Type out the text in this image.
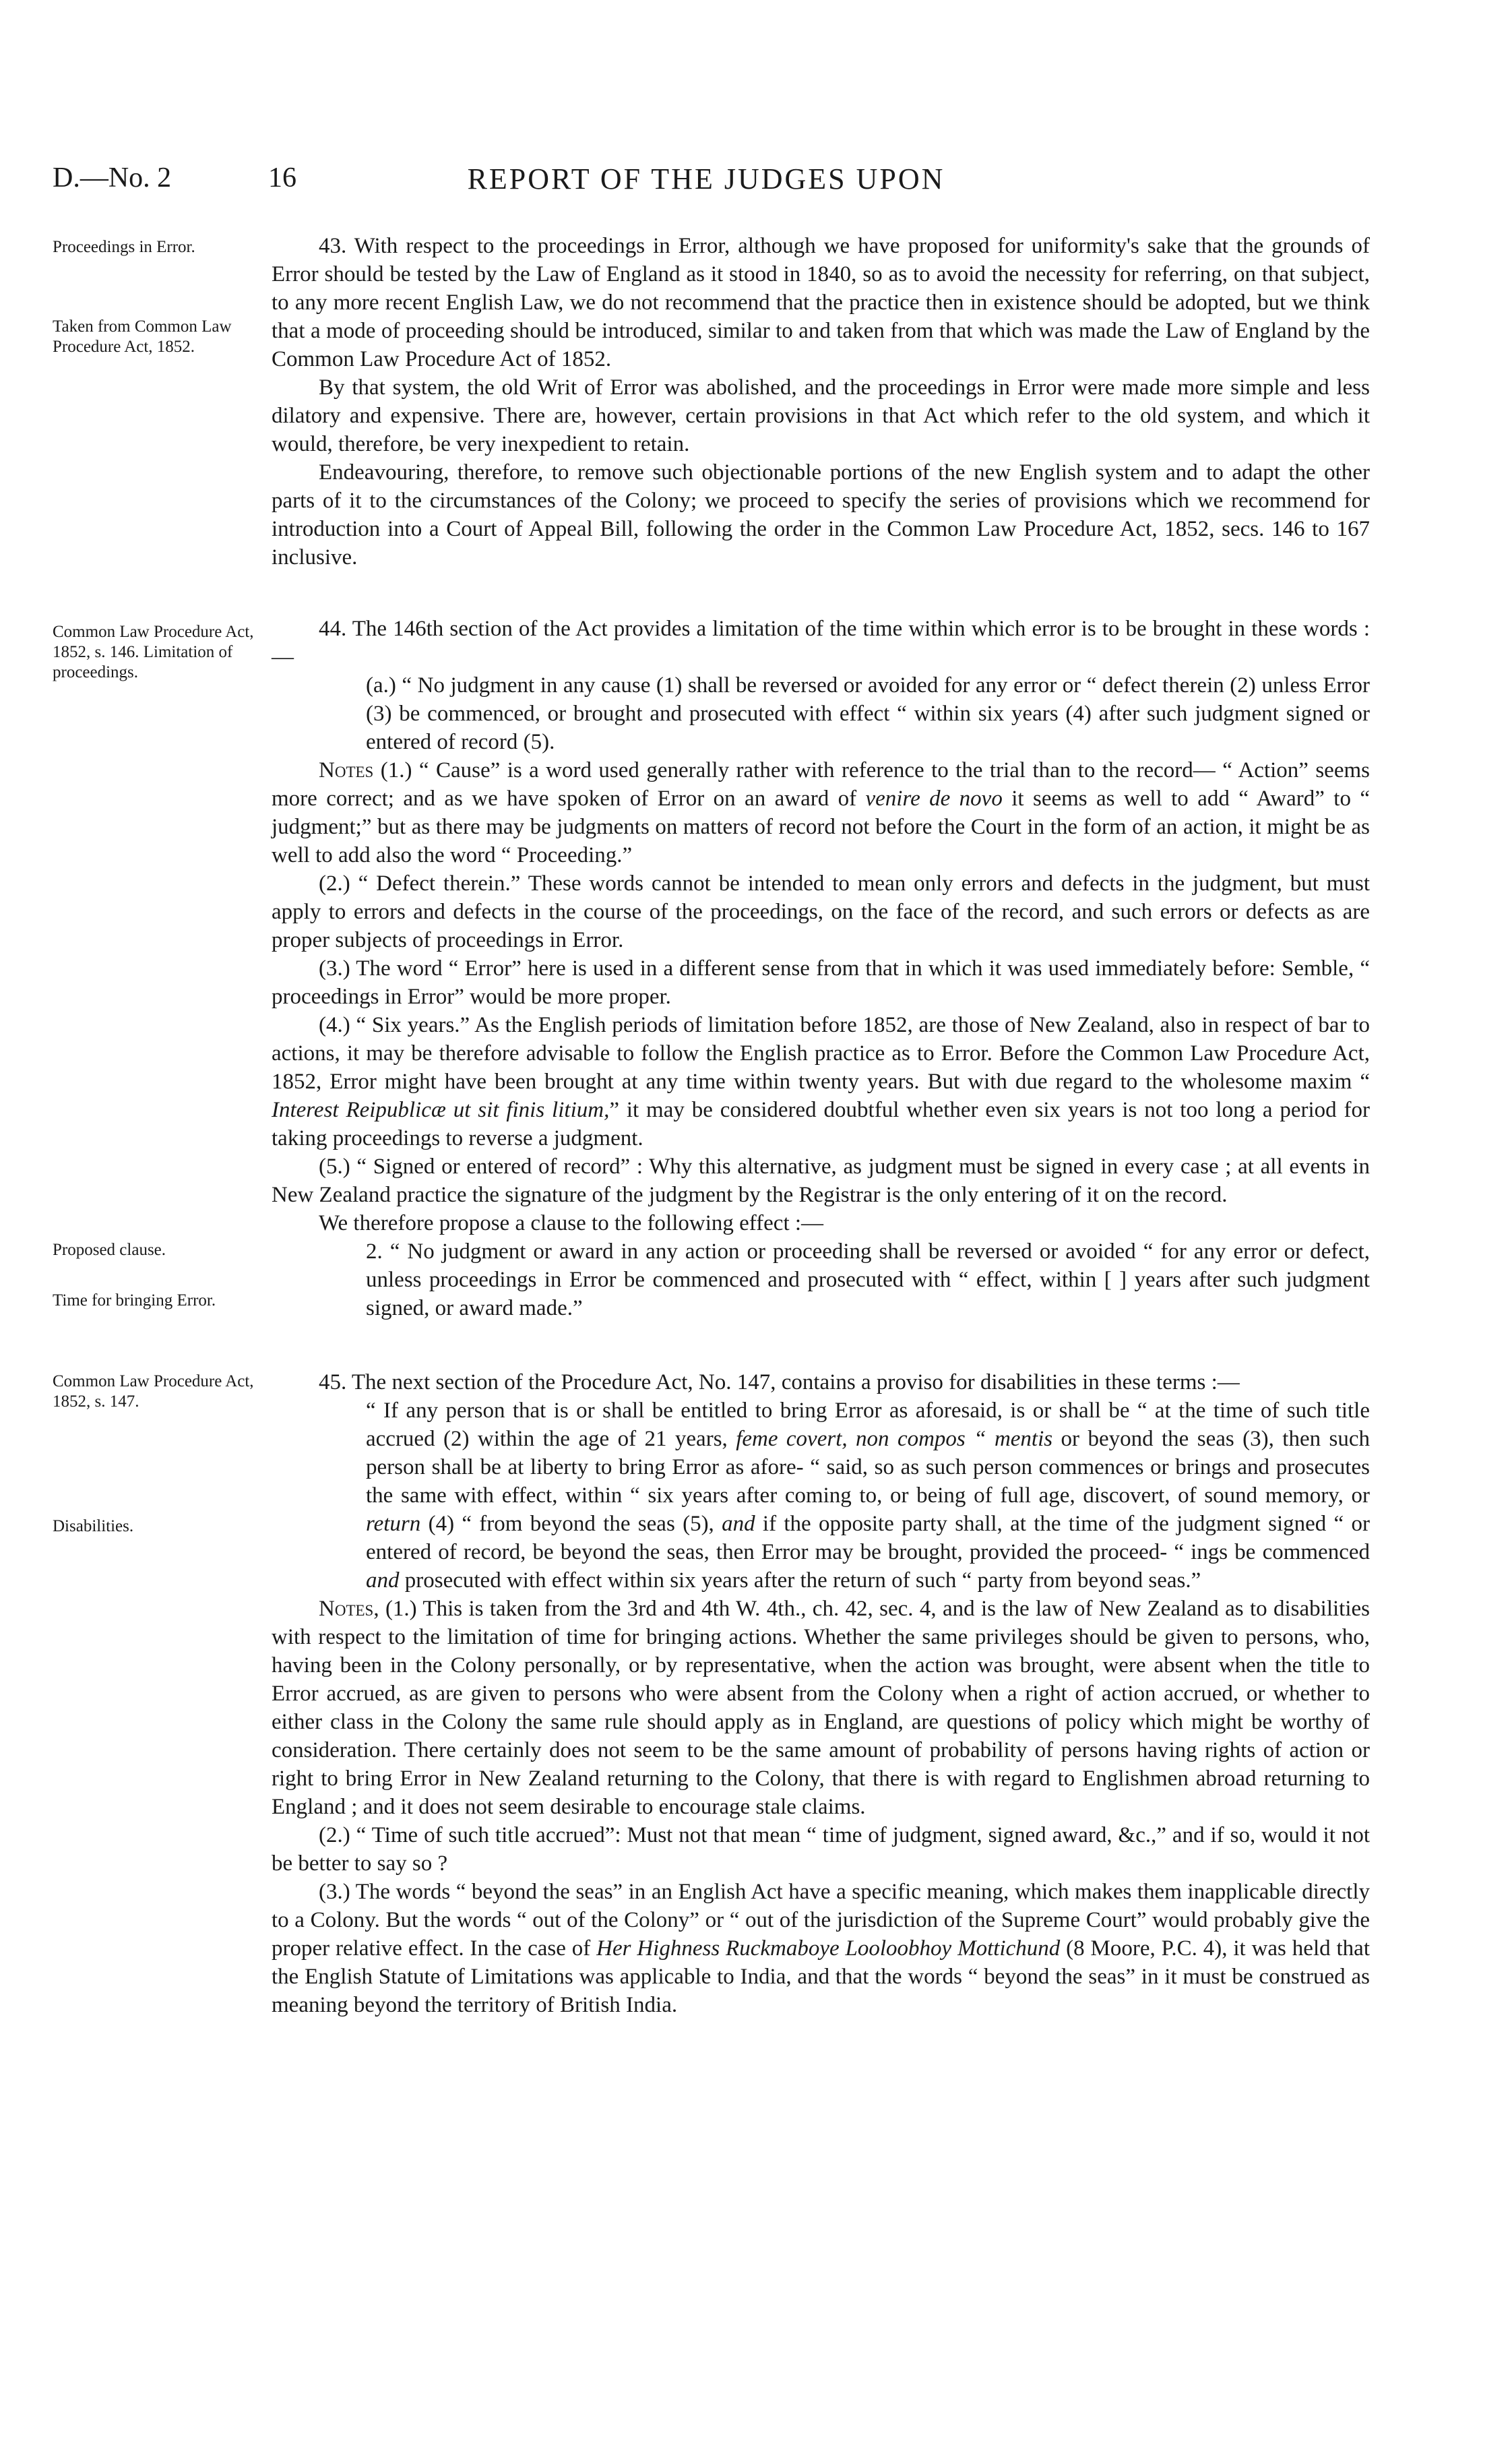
D.—No. 2	16	REPORT OF THE JUDGES UPON
Proceedings in Error.
Taken from Common Law Procedure Act, 1852.
Common Law Procedure Act, 1852, s. 146. Limitation of proceedings.
Proposed clause.
Time for bringing Error.
Common Law Procedure Act, 1852, s. 147.
Disabilities.

43. With respect to the proceedings in Error, although we have proposed for uniformity's sake that the grounds of Error should be tested by the Law of England as it stood in 1840, so as to avoid the necessity for referring, on that subject, to any more recent English Law, we do not recommend that the practice then in existence should be adopted, but we think that a mode of proceeding should be introduced, similar to and taken from that which was made the Law of England by the Common Law Procedure Act of 1852.

By that system, the old Writ of Error was abolished, and the proceedings in Error were made more simple and less dilatory and expensive. There are, however, certain provisions in that Act which refer to the old system, and which it would, therefore, be very inexpedient to retain.

Endeavouring, therefore, to remove such objectionable portions of the new English system and to adapt the other parts of it to the circumstances of the Colony; we proceed to specify the series of provisions which we recommend for introduction into a Court of Appeal Bill, following the order in the Common Law Procedure Act, 1852, secs. 146 to 167 inclusive.

44. The 146th section of the Act provides a limitation of the time within which error is to be brought in these words :—

(a.) “ No judgment in any cause (1) shall be reversed or avoided for any error or “ defect therein (2) unless Error (3) be commenced, or brought and prosecuted with effect “ within six years (4) after such judgment signed or entered of record (5).

Notes (1.) “ Cause” is a word used generally rather with reference to the trial than to the record— “ Action” seems more correct; and as we have spoken of Error on an award of venire de novo it seems as well to add “ Award” to “ judgment;” but as there may be judgments on matters of record not before the Court in the form of an action, it might be as well to add also the word “ Proceeding.”

(2.) “ Defect therein.” These words cannot be intended to mean only errors and defects in the judgment, but must apply to errors and defects in the course of the proceedings, on the face of the record, and such errors or defects as are proper subjects of proceedings in Error.

(3.) The word “ Error” here is used in a different sense from that in which it was used immediately before: Semble, “ proceedings in Error” would be more proper.

(4.) “ Six years.” As the English periods of limitation before 1852, are those of New Zealand, also in respect of bar to actions, it may be therefore advisable to follow the English practice as to Error. Before the Common Law Procedure Act, 1852, Error might have been brought at any time within twenty years. But with due regard to the wholesome maxim “ Interest Reipublicæ ut sit finis litium,” it may be considered doubtful whether even six years is not too long a period for taking proceedings to reverse a judgment.

(5.) “ Signed or entered of record” : Why this alternative, as judgment must be signed in every case ; at all events in New Zealand practice the signature of the judgment by the Registrar is the only entering of it on the record.

We therefore propose a clause to the following effect :—

2. “ No judgment or award in any action or proceeding shall be reversed or avoided “ for any error or defect, unless proceedings in Error be commenced and prosecuted with “ effect, within [ ] years after such judgment signed, or award made.”

45. The next section of the Procedure Act, No. 147, contains a proviso for disabilities in these terms :—

“ If any person that is or shall be entitled to bring Error as aforesaid, is or shall be “ at the time of such title accrued (2) within the age of 21 years, feme covert, non compos “ mentis or beyond the seas (3), then such person shall be at liberty to bring Error as afore- “ said, so as such person commences or brings and prosecutes the same with effect, within “ six years after coming to, or being of full age, discovert, of sound memory, or return (4) “ from beyond the seas (5), and if the opposite party shall, at the time of the judgment signed “ or entered of record, be beyond the seas, then Error may be brought, provided the proceed- “ ings be commenced and prosecuted with effect within six years after the return of such “ party from beyond seas.”

Notes, (1.) This is taken from the 3rd and 4th W. 4th., ch. 42, sec. 4, and is the law of New Zealand as to disabilities with respect to the limitation of time for bringing actions. Whether the same privileges should be given to persons, who, having been in the Colony personally, or by representative, when the action was brought, were absent when the title to Error accrued, as are given to persons who were absent from the Colony when a right of action accrued, or whether to either class in the Colony the same rule should apply as in England, are questions of policy which might be worthy of consideration. There certainly does not seem to be the same amount of probability of persons having rights of action or right to bring Error in New Zealand returning to the Colony, that there is with regard to Englishmen abroad returning to England ; and it does not seem desirable to encourage stale claims.

(2.) “ Time of such title accrued”: Must not that mean “ time of judgment, signed award, &c.,” and if so, would it not be better to say so ?

(3.) The words “ beyond the seas” in an English Act have a specific meaning, which makes them inapplicable directly to a Colony. But the words “ out of the Colony” or “ out of the jurisdiction of the Supreme Court” would probably give the proper relative effect. In the case of Her Highness Ruckmaboye Looloobhoy Mottichund (8 Moore, P.C. 4), it was held that the English Statute of Limitations was applicable to India, and that the words “ beyond the seas” in it must be construed as meaning beyond the territory of British India.
